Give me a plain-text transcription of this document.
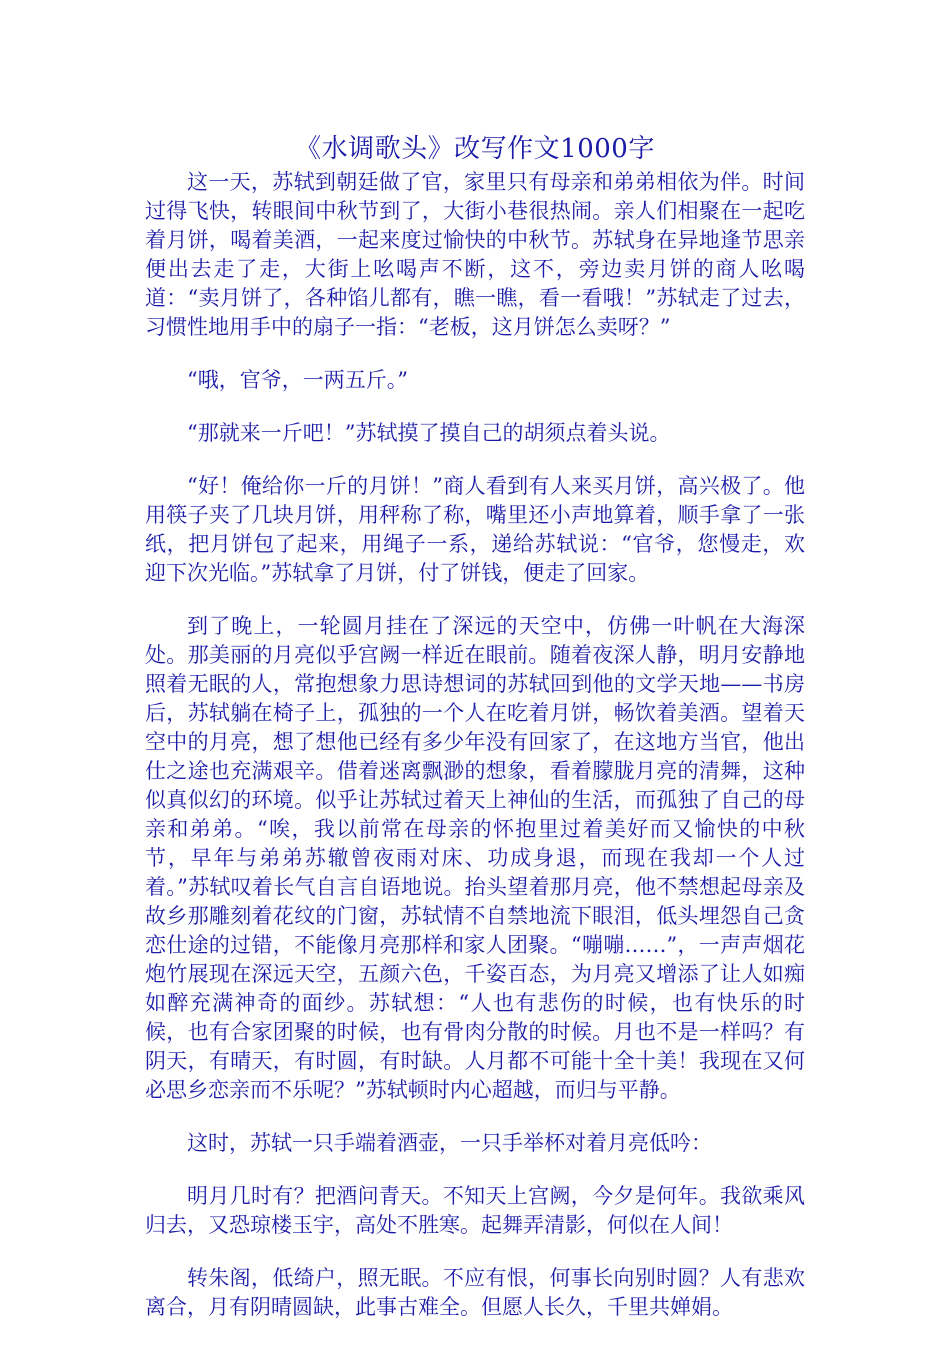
《水调歌头》改写作文1000字

这一天，苏轼到朝廷做了官，家里只有母亲和弟弟相依为伴。时间过得飞快，转眼间中秋节到了，大街小巷很热闹。亲人们相聚在一起吃着月饼，喝着美酒，一起来度过愉快的中秋节。苏轼身在异地逢节思亲便出去走了走，大街上吆喝声不断，这不，旁边卖月饼的商人吆喝道：“卖月饼了，各种馅儿都有，瞧一瞧，看一看哦！”苏轼走了过去，习惯性地用手中的扇子一指：“老板，这月饼怎么卖呀？”

“哦，官爷，一两五斤。”

“那就来一斤吧！”苏轼摸了摸自己的胡须点着头说。

“好！俺给你一斤的月饼！”商人看到有人来买月饼，高兴极了。他用筷子夹了几块月饼，用秤称了称，嘴里还小声地算着，顺手拿了一张纸，把月饼包了起来，用绳子一系，递给苏轼说：“官爷，您慢走，欢迎下次光临。”苏轼拿了月饼，付了饼钱，便走了回家。

到了晚上，一轮圆月挂在了深远的天空中，仿佛一叶帆在大海深处。那美丽的月亮似乎宫阙一样近在眼前。随着夜深人静，明月安静地照着无眠的人，常抱想象力思诗想词的苏轼回到他的文学天地——书房后，苏轼躺在椅子上，孤独的一个人在吃着月饼，畅饮着美酒。望着天空中的月亮，想了想他已经有多少年没有回家了，在这地方当官，他出仕之途也充满艰辛。借着迷离飘渺的想象，看着朦胧月亮的清舞，这种似真似幻的环境。似乎让苏轼过着天上神仙的生活，而孤独了自己的母亲和弟弟。“唉，我以前常在母亲的怀抱里过着美好而又愉快的中秋节，早年与弟弟苏辙曾夜雨对床、功成身退，而现在我却一个人过着。”苏轼叹着长气自言自语地说。抬头望着那月亮，他不禁想起母亲及故乡那雕刻着花纹的门窗，苏轼情不自禁地流下眼泪，低头埋怨自己贪恋仕途的过错，不能像月亮那样和家人团聚。“嘣嘣……”，一声声烟花炮竹展现在深远天空，五颜六色，千姿百态，为月亮又增添了让人如痴如醉充满神奇的面纱。苏轼想：“人也有悲伤的时候，也有快乐的时候，也有合家团聚的时候，也有骨肉分散的时候。月也不是一样吗？有阴天，有晴天，有时圆，有时缺。人月都不可能十全十美！我现在又何必思乡恋亲而不乐呢？”苏轼顿时内心超越，而归与平静。

这时，苏轼一只手端着酒壶，一只手举杯对着月亮低吟：

明月几时有？把酒问青天。不知天上宫阙，今夕是何年。我欲乘风归去，又恐琼楼玉宇，高处不胜寒。起舞弄清影，何似在人间！

转朱阁，低绮户，照无眠。不应有恨，何事长向别时圆？人有悲欢离合，月有阴晴圆缺，此事古难全。但愿人长久，千里共婵娟。
